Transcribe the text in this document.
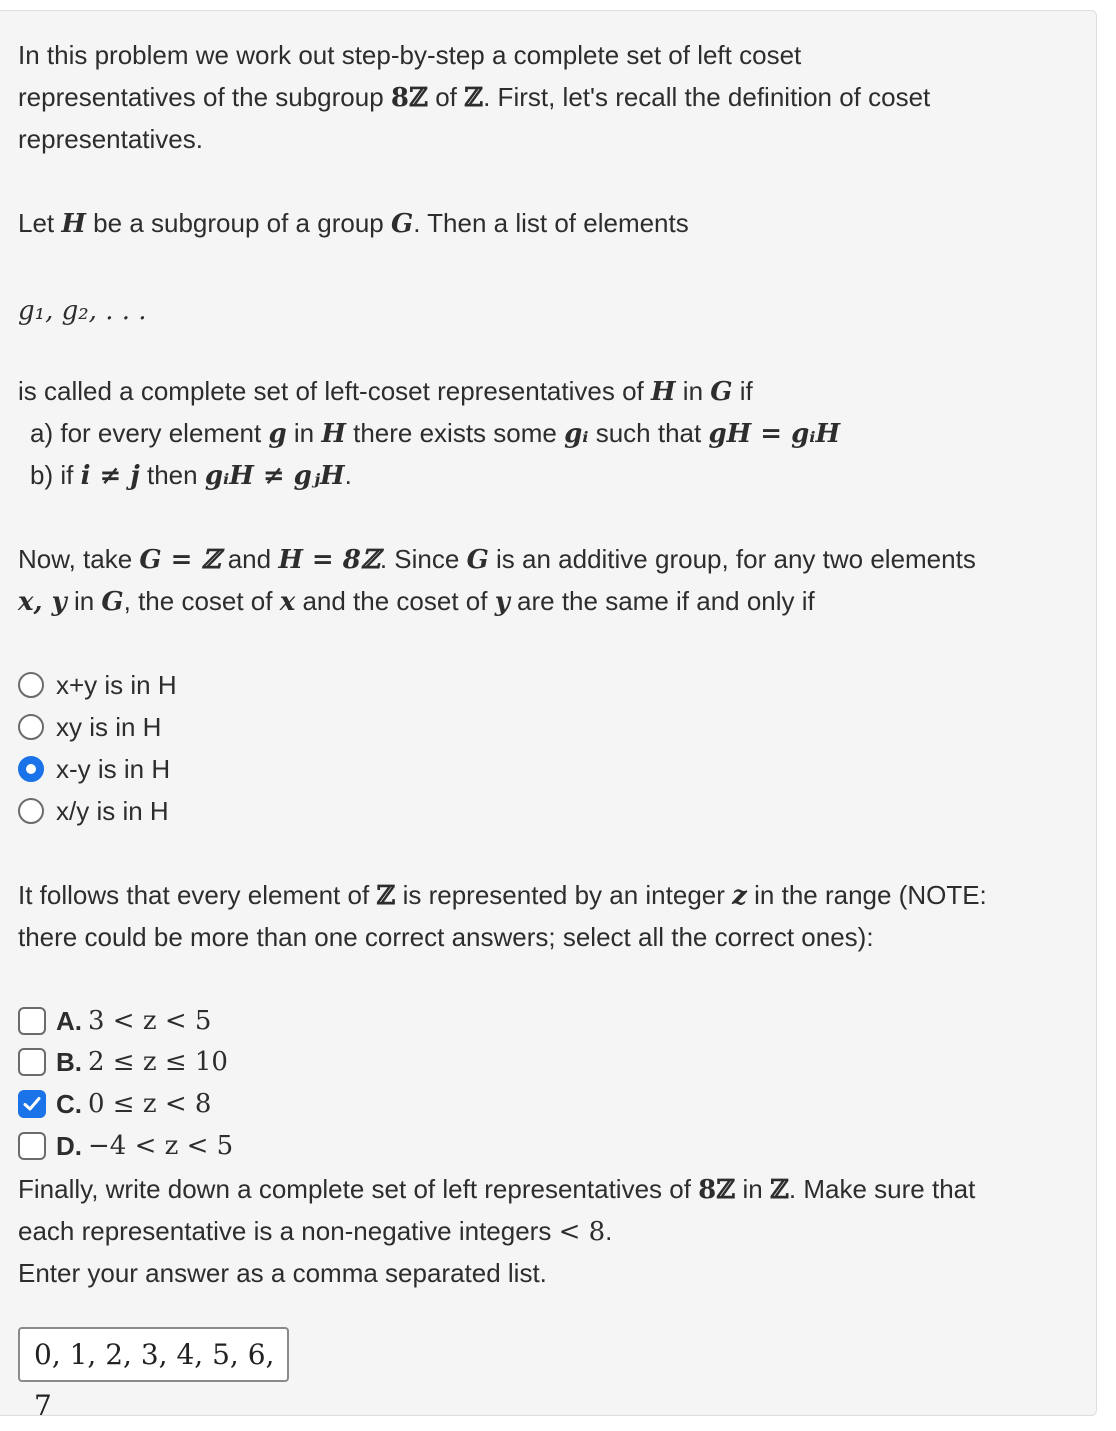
In this problem we work out step-by-step a complete set of left coset
representatives of the subgroup 8ℤ of ℤ. First, let's recall the definition of coset
representatives.
Let H be a subgroup of a group G. Then a list of elements
g₁, g₂, . . .
is called a complete set of left-coset representatives of H in G if
a) for every element g in H there exists some gᵢ such that gH = gᵢH
b) if i ≠ j then gᵢH ≠ gⱼH.
Now, take G = ℤ and H = 8ℤ. Since G is an additive group, for any two elements
x, y in G, the coset of x and the coset of y are the same if and only if
x+y is in H
xy is in H
x-y is in H
x/y is in H
It follows that every element of ℤ is represented by an integer z in the range (NOTE:
there could be more than one correct answers; select all the correct ones):
A. 3 < z < 5
B. 2 ≤ z ≤ 10
C. 0 ≤ z < 8
D. −4 < z < 5
Finally, write down a complete set of left representatives of 8ℤ in ℤ. Make sure that
each representative is a non-negative integers < 8.
Enter your answer as a comma separated list.
0, 1, 2, 3, 4, 5, 6, 7
